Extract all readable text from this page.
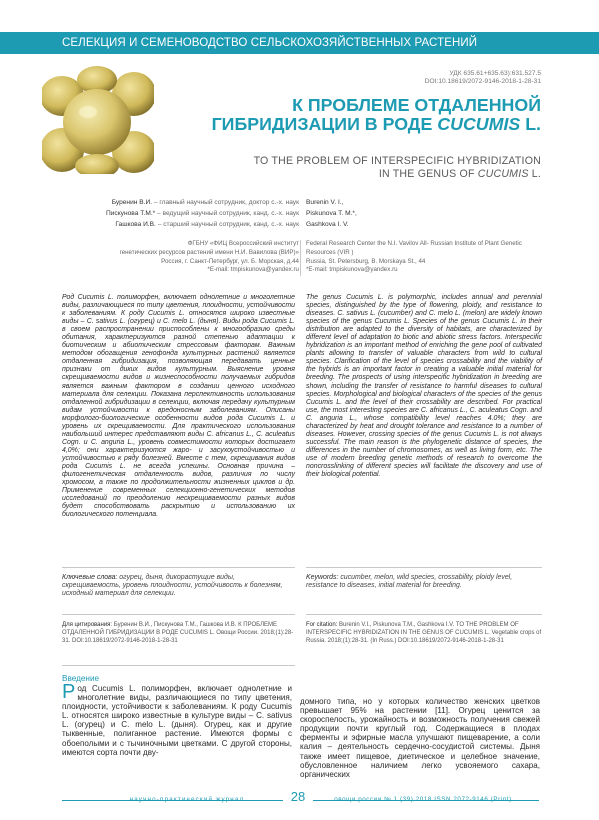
СЕЛЕКЦИЯ И СЕМЕНОВОДСТВО СЕЛЬСКОХОЗЯЙСТВЕННЫХ РАСТЕНИЙ
УДК 635.61+635.63):631.527.5
DOI:10.18619/2072-9146-2018-1-28-31
К ПРОБЛЕМЕ ОТДАЛЕННОЙ
ГИБРИДИЗАЦИИ В РОДЕ CUCUMIS L.
TO THE PROBLEM OF INTERSPECIFIC HYBRIDIZATION
IN THE GENUS OF CUCUMIS L.
Буренин В.И. – главный научный сотрудник, доктор с.-х. наук
Пискунова Т.М.* – ведущий научный сотрудник, канд. с.-х. наук
Гашкова И.В. – старший научный сотрудник, канд. с.-х. наук
Burenin V. I.,
Piskunova T. M.*,
Gashkova I. V.
ФГБНУ «ФИЦ Всероссийский институт
генетических ресурсов растений имени Н.И. Вавилова (ВИР)»
Россия, г. Санкт-Петербург, ул. Б. Морская, д.44
*E-mail: tmpiskunova@yandex.ru
Federal Research Center the N.I. Vavilov All- Russian Institute of Plant Genetic
Resources (VIR )
Russia, St. Petersburg, B. Morskaya St., 44
*E-mail: tmpiskunova@yandex.ru
Род Cucumis L. полиморфен, включает однолетние и многолетние виды, различающиеся по типу цветения, плоидности, устойчивости к заболеваниям. К роду Cucumis L. относятся широко известные виды – C. sativus L. (огурец) и C. melo L. (дыня). Виды рода Cucumis L. в своем распространении приспособлены к многообразию среды обитания, характеризуются разной степенью адаптации к биотическим и абиотическим стрессовым факторам. Важным методом обогащения генофонда культурных растений является отдаленная гибридизация, позволяющая передавать ценные признаки от диких видов культурным. Выяснение уровня скрещиваемости видов и жизнеспособности получаемых гибридов является важным фактором в создании ценного исходного материала для селекции. Показана перспективность использования отдаленной гибридизации в селекции, включая передачу культурным видам устойчивости к вредоносным заболеваниям. Описаны морфолого-биологические особенности видов рода Cucumis L. и уровень их скрещиваемости. Для практического использования наибольший интерес представляют виды C. africanus L., C. aculeatus Cogn. и C. anguria L., уровень совместимости которых достигает 4,0%; они характеризуются жаро- и засухоустойчивостью и устойчивостью к ряду болезней. Вместе с тем, скрещивания видов рода Cucumis L. не всегда успешны. Основная причина – филогенетическая отдаленность видов, различия по числу хромосом, а также по продолжительности жизненных циклов и др. Применение современных селекционно-генетических методов исследований по преодолению нескрещиваемости разных видов будет способствовать раскрытию и использованию их биологического потенциала.
The genus Cucumis L. is polymorphic, includes annual and perennial species, distinguished by the type of flowering, ploidy, and resistance to diseases. C. sativus L. (cucumber) and C. melo L. (melon) are widely known species of the genus Cucumis L. Species of the genus Cucumis L. in their distribution are adapted to the diversity of habitats, are characterized by different level of adaptation to biotic and abiotic stress factors. Interspecific hybridization is an important method of enriching the gene pool of cultivated plants allowing to transfer of valuable characters from wild to cultural species. Clarification of the level of species crossability and the viability of the hybrids is an important factor in creating a valuable initial material for breeding. The prospects of using interspecific hybridization in breeding are shown, including the transfer of resistance to harmful diseases to cultural species. Morphological and biological characters of the species of the genus Cucumis L. and the level of their crossability are described. For practical use, the most interesting species are C. africanus L., C. aculeatus Cogn. and C. anguria L., whose compatibility level reaches 4.0%; they are characterized by heat and drought tolerance and resistance to a number of diseases. However, crossing species of the genus Cucumis L. is not always successful. The main reason is the phylogenetic distance of species, the differences in the number of chromosomes, as well as living form, etc. The use of modern breeding genetic methods of research to overcome the noncrosslinking of different species will facilitate the discovery and use of their biological potential.
Ключевые слова: огурец, дыня, дикорастущие виды, скрещиваемость, уровень плоидности, устойчивость к болезням, исходный материал для селекции.
Keywords: cucumber, melon, wild species, crossability, ploidy level, resistance to diseases, initial material for breeding.
Для цитирования: Буренин В.И., Пискунова Т.М., Гашкова И.В. К ПРОБЛЕМЕ ОТДАЛЕННОЙ ГИБРИДИЗАЦИИ В РОДЕ CUCUMIS L. Овощи России. 2018;(1):28-31. DOI:10.18619/2072-9146-2018-1-28-31
For citation: Burenin V.I., Piskunova T.M., Gashkova I.V. TO THE PROBLEM OF INTERSPECIFIC HYBRIDIZATION IN THE GENUS OF CUCUMIS L. Vegetable crops of Russia. 2018;(1):28-31. (In Russ.) DOI:10.18619/2072-9146-2018-1-28-31
Введение
Род Cucumis L. полиморфен, включает однолетние и многолетние виды, различающиеся по типу цветения, плоидности, устойчивости к заболеваниям. К роду Cucumis L. относятся широко известные в культуре виды – C. sativus L. (огурец) и C. melo L. (дыня). Огурец, как и другие тыквенные, полиганное растение. Имеются формы с обоеполыми и с тычиночными цветками. С другой стороны, имеются сорта почти дву-
домного типа, но у которых количество женских цветков превышает 95% на растении [11]. Огурец ценится за скороспелость, урожайность и возможность получения свежей продукции почти круглый год. Содержащиеся в плодах ферменты и эфирные масла улучшают пищеварение, а соли калия – деятельность сердечно-сосудистой системы. Дыня также имеет пищевое, диетическое и целебное значение, обусловленное наличием легко усвояемого сахара, органических
научно-практический журнал	28	овощи россии № 1 (39) 2018 ISSN 2072-9146 (Print)
